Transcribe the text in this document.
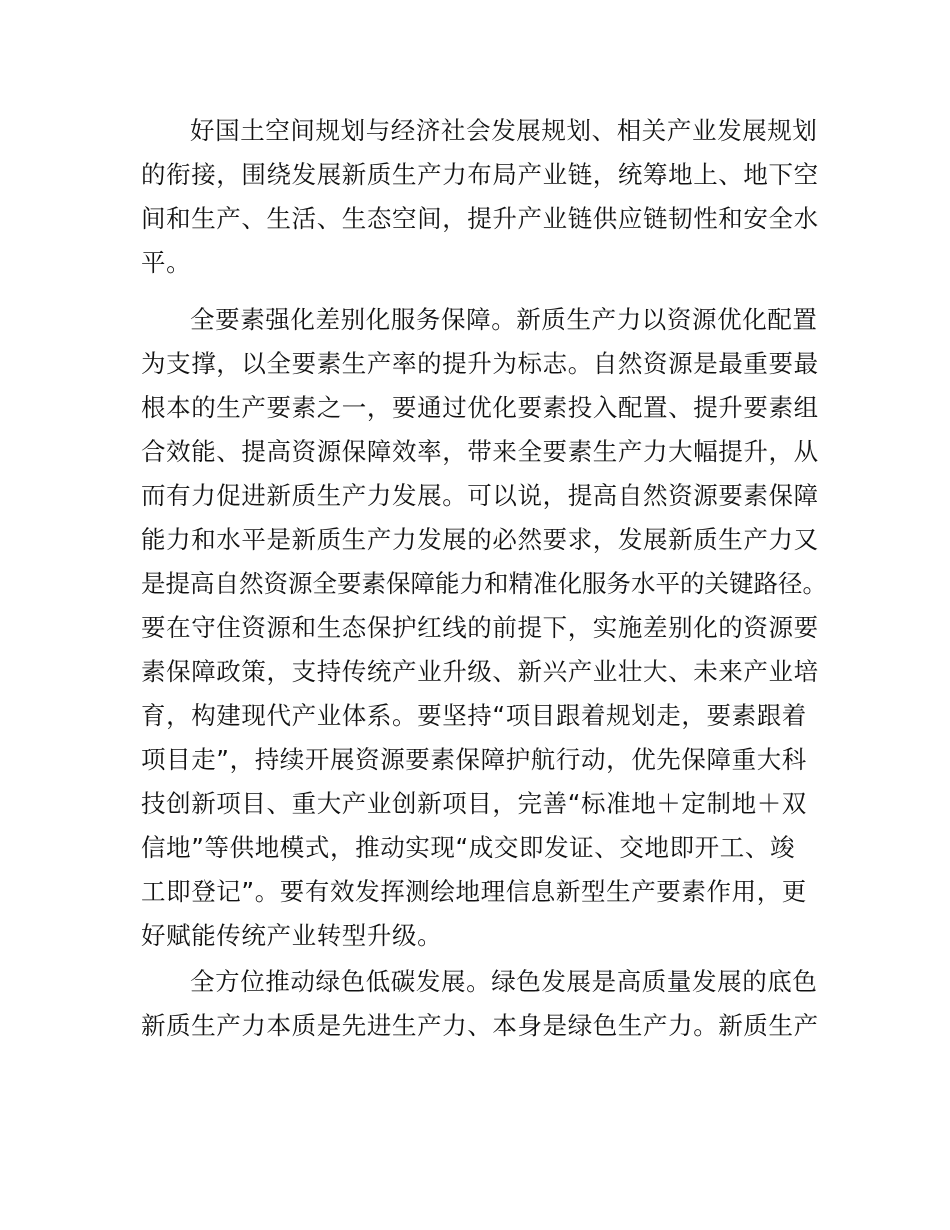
好国土空间规划与经济社会发展规划、相关产业发展规划
的衔接，围绕发展新质生产力布局产业链，统筹地上、地下空
间和生产、生活、生态空间，提升产业链供应链韧性和安全水
平。
全要素强化差别化服务保障。新质生产力以资源优化配置
为支撑，以全要素生产率的提升为标志。自然资源是最重要最
根本的生产要素之一，要通过优化要素投入配置、提升要素组
合效能、提高资源保障效率，带来全要素生产力大幅提升，从
而有力促进新质生产力发展。可以说，提高自然资源要素保障
能力和水平是新质生产力发展的必然要求，发展新质生产力又
是提高自然资源全要素保障能力和精准化服务水平的关键路径。
要在守住资源和生态保护红线的前提下，实施差别化的资源要
素保障政策，支持传统产业升级、新兴产业壮大、未来产业培
育，构建现代产业体系。要坚持“项目跟着规划走，要素跟着
项目走”，持续开展资源要素保障护航行动，优先保障重大科
技创新项目、重大产业创新项目，完善“标准地＋定制地＋双
信地”等供地模式，推动实现“成交即发证、交地即开工、竣
工即登记”。要有效发挥测绘地理信息新型生产要素作用，更
好赋能传统产业转型升级。
全方位推动绿色低碳发展。绿色发展是高质量发展的底色
新质生产力本质是先进生产力、本身是绿色生产力。新质生产
